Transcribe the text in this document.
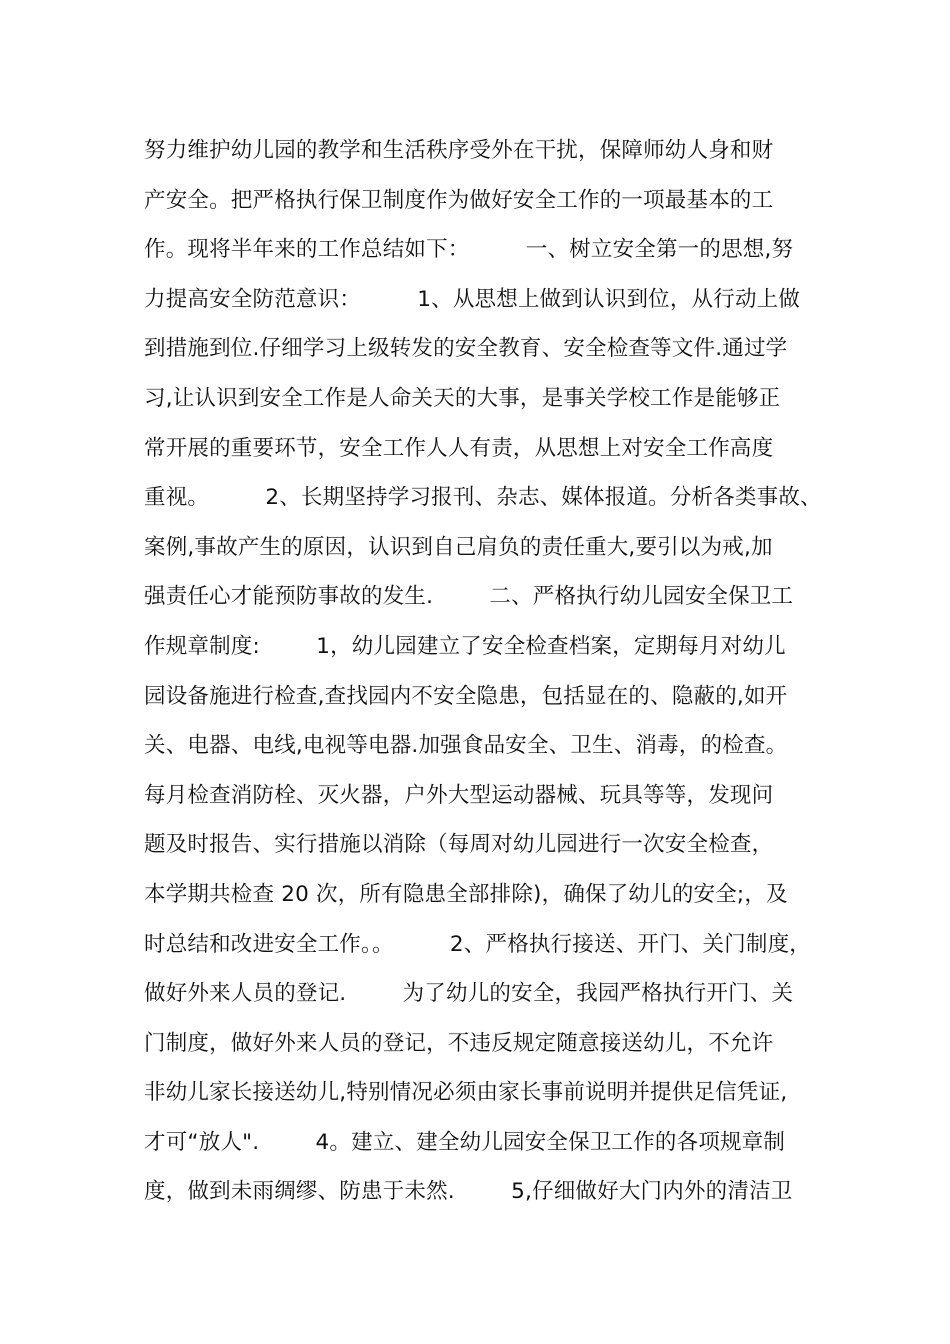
努力维护幼儿园的教学和生活秩序受外在干扰，保障师幼人身和财
产安全。把严格执行保卫制度作为做好安全工作的一项最基本的工
作。现将半年来的工作总结如下：        一、树立安全第一的思想,努
力提高安全防范意识：        1、从思想上做到认识到位，从行动上做
到措施到位.仔细学习上级转发的安全教育、安全检查等文件.通过学
习,让认识到安全工作是人命关天的大事，是事关学校工作是能够正
常开展的重要环节，安全工作人人有责，从思想上对安全工作高度
重视。        2、长期坚持学习报刊、杂志、媒体报道。分析各类事故、
案例,事故产生的原因，认识到自己肩负的责任重大,要引以为戒,加
强责任心才能预防事故的发生.        二、严格执行幼儿园安全保卫工
作规章制度:        1，幼儿园建立了安全检查档案，定期每月对幼儿
园设备施进行检查,查找园内不安全隐患，包括显在的、隐蔽的,如开
关、电器、电线,电视等电器.加强食品安全、卫生、消毒，的检查。
每月检查消防栓、灭火器，户外大型运动器械、玩具等等，发现问
题及时报告、实行措施以消除（每周对幼儿园进行一次安全检查，
本学期共检查 20 次，所有隐患全部排除)，确保了幼儿的安全;，及
时总结和改进安全工作。。        2、严格执行接送、开门、关门制度，
做好外来人员的登记.        为了幼儿的安全，我园严格执行开门、关
门制度，做好外来人员的登记，不违反规定随意接送幼儿，不允许
非幼儿家长接送幼儿,特别情况必须由家长事前说明并提供足信凭证,
才可“放人".        4。建立、建全幼儿园安全保卫工作的各项规章制
度，做到未雨绸缪、防患于未然.        5,仔细做好大门内外的清洁卫
